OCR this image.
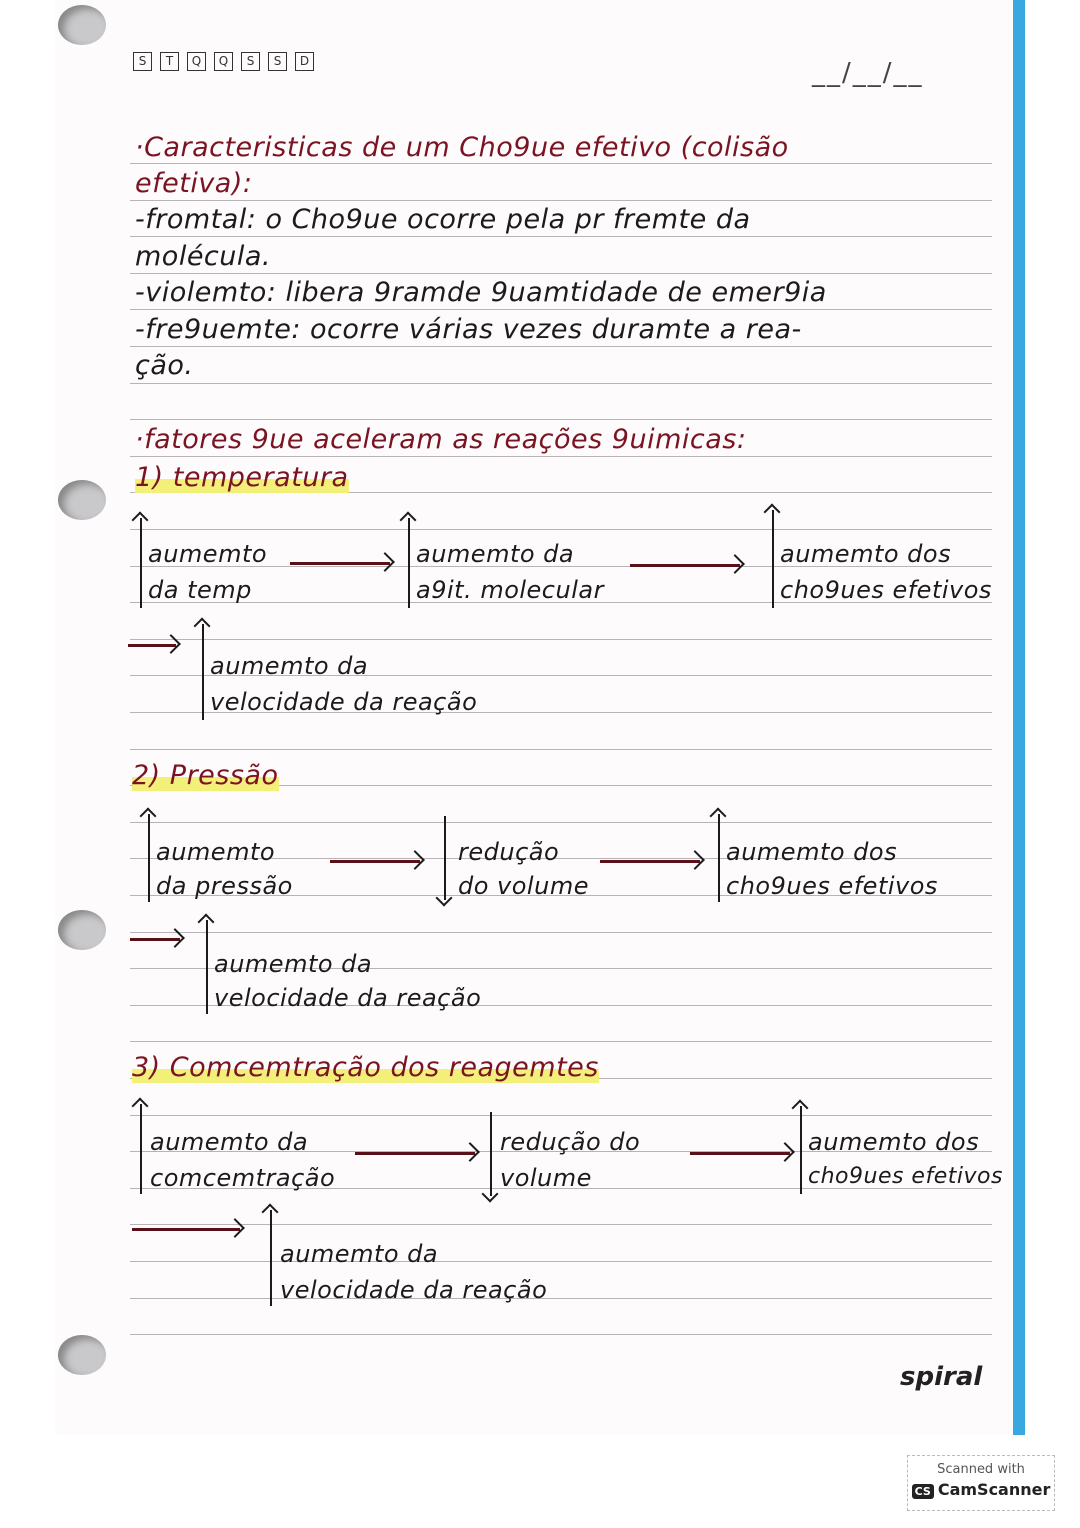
S	T	Q	Q	S	S	D	__/__/__
·Caracteristicas de um Cho9ue efetivo (colisão
efetiva):
-fromtal: o Cho9ue ocorre pela pr fremte da
molécula.
-violemto: libera 9ramde 9uamtidade de emer9ia
-fre9uemte: ocorre várias vezes duramte a rea-
ção.
·fatores 9ue aceleram as reações 9uimicas:
1) temperatura
aumemto
da temp
aumemto da
a9it. molecular
aumemto dos
cho9ues efetivos
aumemto da
velocidade da reação
2) Pressão
aumemto
da pressão
redução
do volume
aumemto dos
cho9ues efetivos
aumemto da
velocidade da reação
3) Comcemtração dos reagemtes
aumemto da
comcemtração
redução do
volume
aumemto dos
cho9ues efetivos
aumemto da
velocidade da reação
spiral
Scanned with
CS CamScanner
